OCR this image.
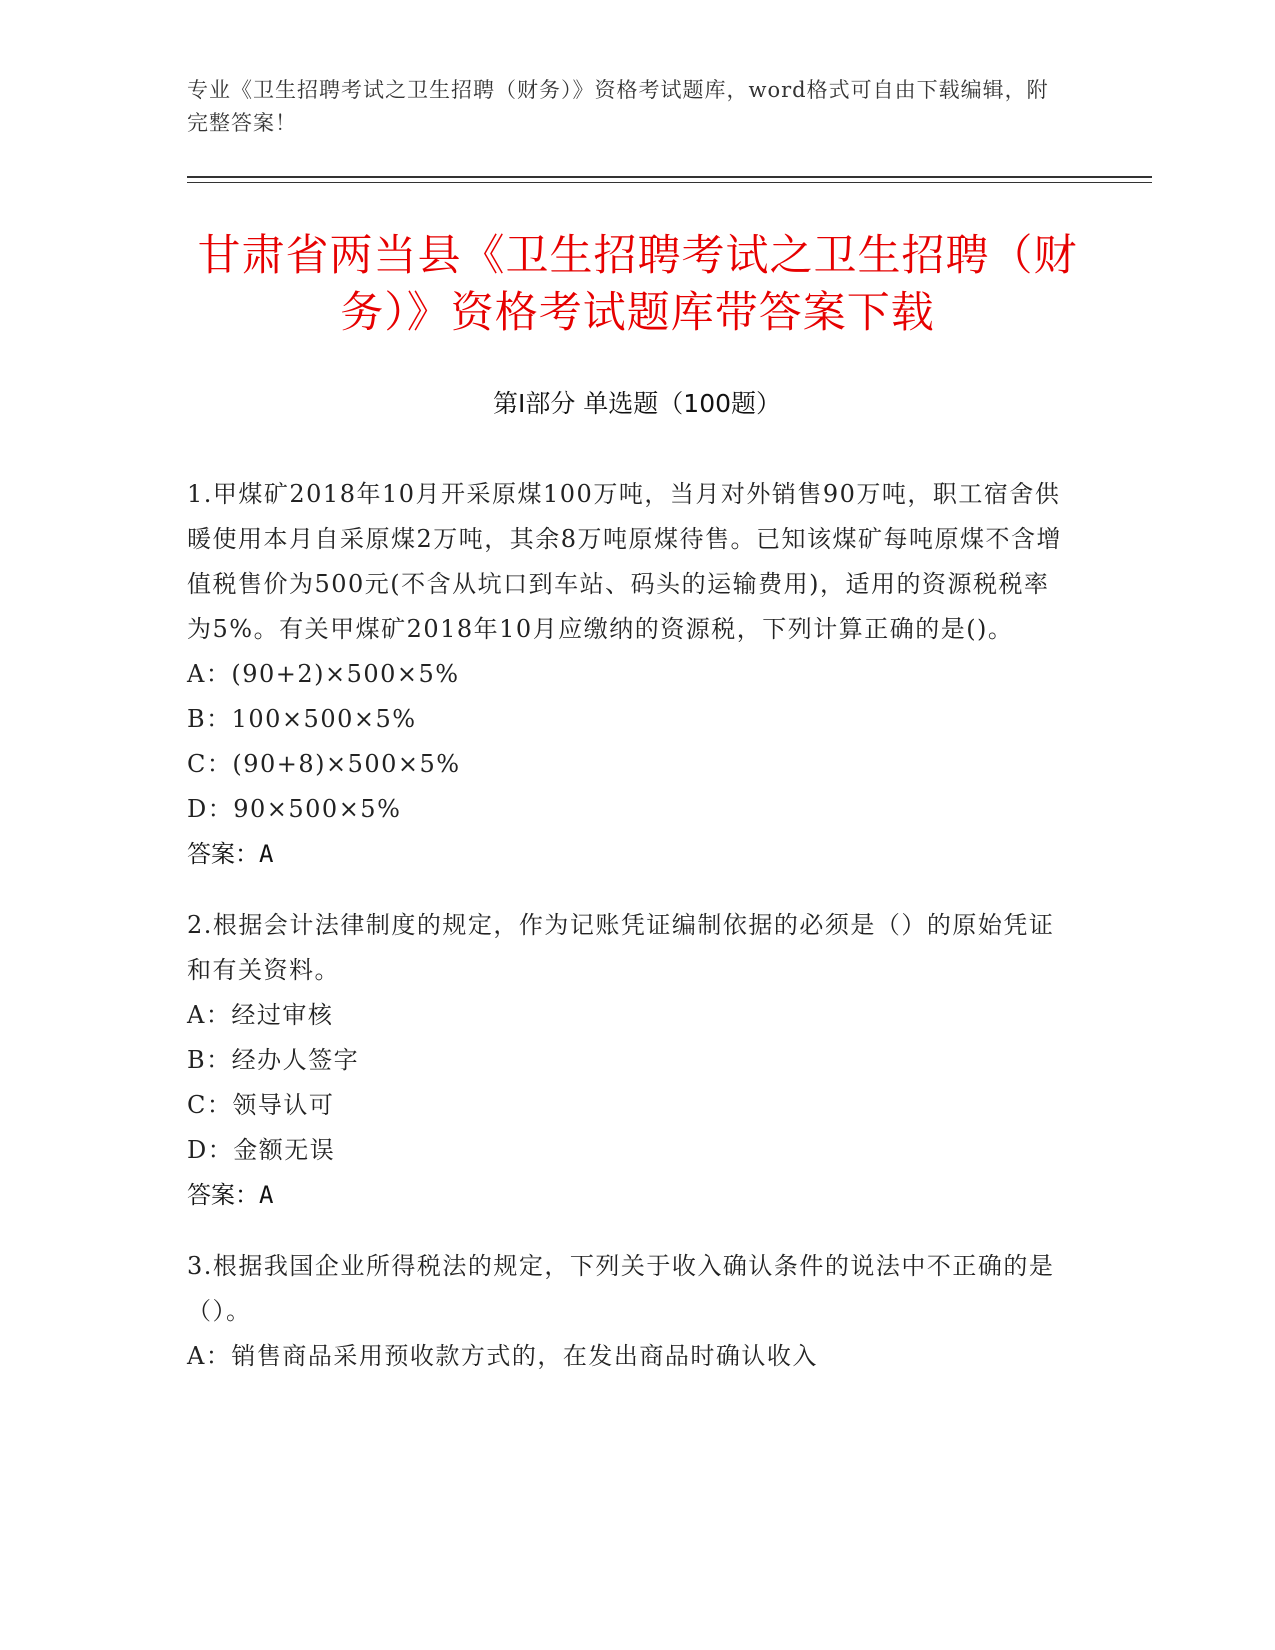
专业《卫生招聘考试之卫生招聘（财务）》资格考试题库，word格式可自由下载编辑，附完整答案！
甘肃省两当县《卫生招聘考试之卫生招聘（财务）》资格考试题库带答案下载
第Ⅰ部分 单选题（100题）
1.甲煤矿2018年10月开采原煤100万吨，当月对外销售90万吨，职工宿舍供暖使用本月自采原煤2万吨，其余8万吨原煤待售。已知该煤矿每吨原煤不含增值税售价为500元(不含从坑口到车站、码头的运输费用)，适用的资源税税率为5%。有关甲煤矿2018年10月应缴纳的资源税，下列计算正确的是()。
A：(90+2)×500×5%
B：100×500×5%
C：(90+8)×500×5%
D：90×500×5%
答案：A
2.根据会计法律制度的规定，作为记账凭证编制依据的必须是（）的原始凭证和有关资料。
A：经过审核
B：经办人签字
C：领导认可
D：金额无误
答案：A
3.根据我国企业所得税法的规定，下列关于收入确认条件的说法中不正确的是（）。
A：销售商品采用预收款方式的，在发出商品时确认收入
